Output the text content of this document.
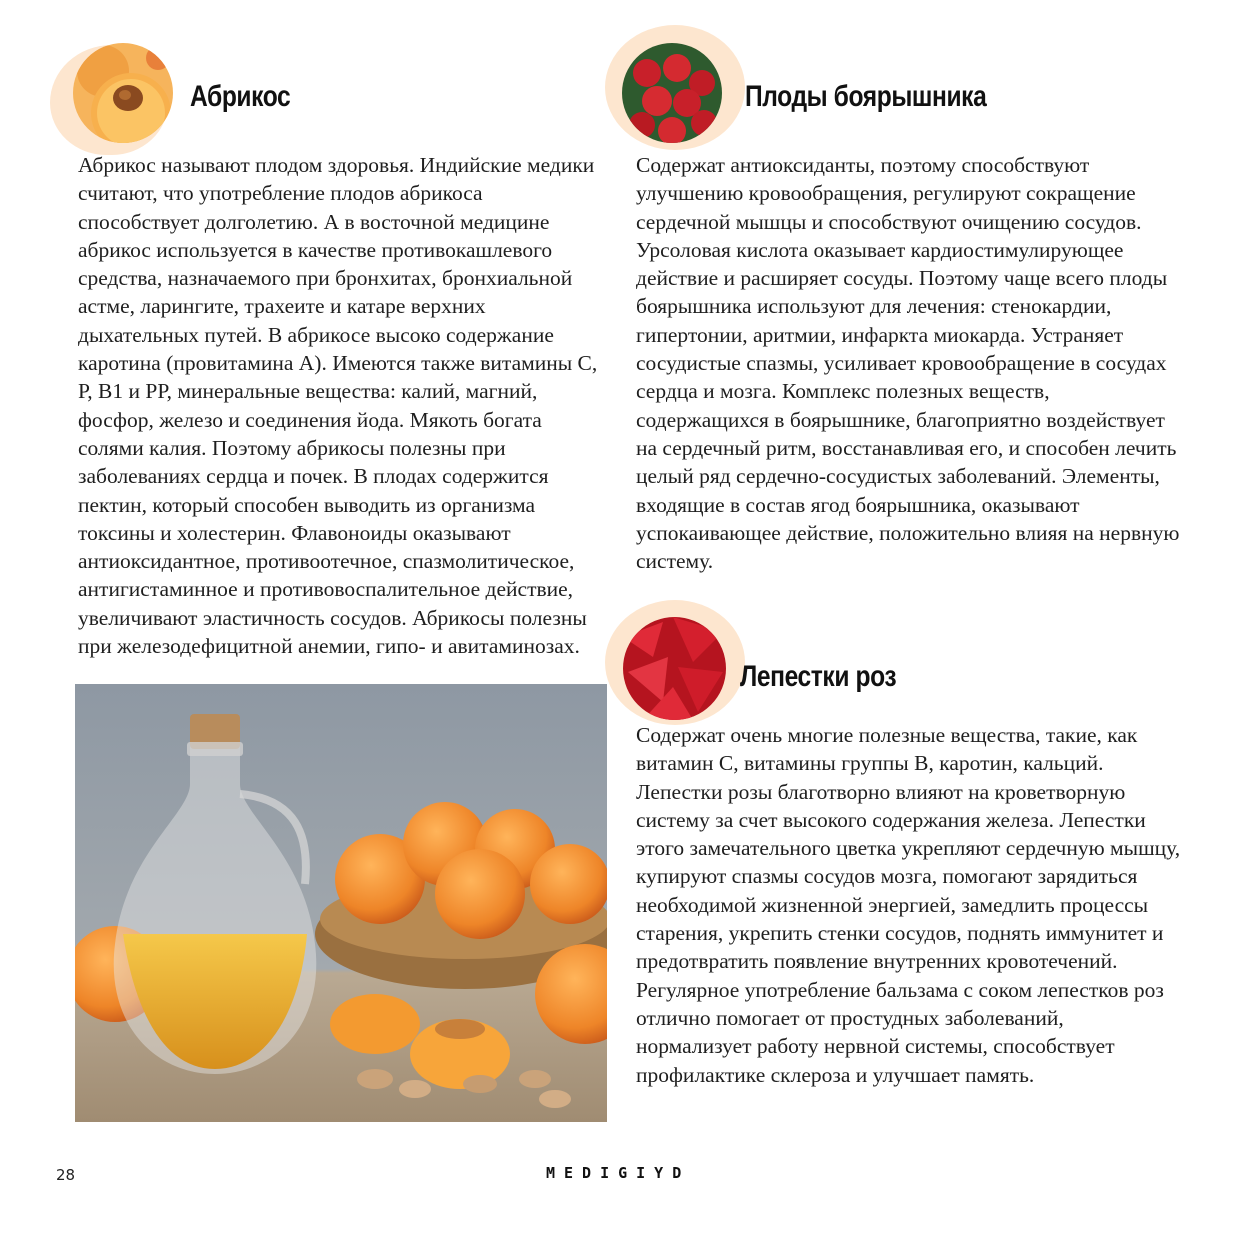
Абрикос

Абрикос называют плодом здоровья. Индийские медики считают, что употребление плодов абрикоса способствует долголетию. А в восточной медицине абрикос используется в качестве противокашлевого средства, назначаемого при бронхитах, бронхиальной астме, ларингите, трахеите и катаре верхних дыхательных путей. В абрикосе высоко содержание каротина (провитамина А). Имеются также витамины С, Р, В1 и РР, минеральные вещества: калий, магний, фосфор, железо и соединения йода. Мякоть богата солями калия. Поэтому абрикосы полезны при заболеваниях сердца и почек. В плодах содержится пектин, который способен выводить из организма токсины и холестерин. Флавоноиды оказывают антиоксидантное, противоотечное, спазмолитическое, антигистаминное и противовоспалительное действие, увеличивают эластичность сосудов. Абрикосы полезны при железодефицитной анемии, гипо- и авитаминозах.

Плоды боярышника

Содержат антиоксиданты, поэтому способствуют улучшению кровообращения, регулируют сокращение сердечной мышцы и способствуют очищению сосудов. Урсоловая кислота оказывает кардиостимулирующее действие и расширяет сосуды. Поэтому чаще всего плоды боярышника используют для лечения: стенокардии, гипертонии, аритмии, инфаркта миокарда. Устраняет сосудистые спазмы, усиливает кровообращение в сосудах сердца и мозга. Комплекс полезных веществ, содержащихся в боярышнике, благоприятно воздействует на сердечный ритм, восстанавливая его, и способен лечить целый ряд сердечно-сосудистых заболеваний. Элементы, входящие в состав ягод боярышника, оказывают успокаивающее действие, положительно влияя на нервную систему.

Лепестки роз

Содержат очень многие полезные вещества, такие, как витамин С, витамины группы В, каротин, кальций. Лепестки розы благотворно влияют на кроветворную систему за счет высокого содержания железа. Лепестки этого замечательного цветка укрепляют сердечную мышцу, купируют спазмы сосудов мозга, помогают зарядиться необходимой жизненной энергией, замедлить процессы старения, укрепить стенки сосудов, поднять иммунитет и предотвратить появление внутренних кровотечений. Регулярное употребление бальзама с соком лепестков роз отлично помогает от простудных заболеваний, нормализует работу нервной системы, способствует профилактике склероза и улучшает память.

28	MEDIGIYD
